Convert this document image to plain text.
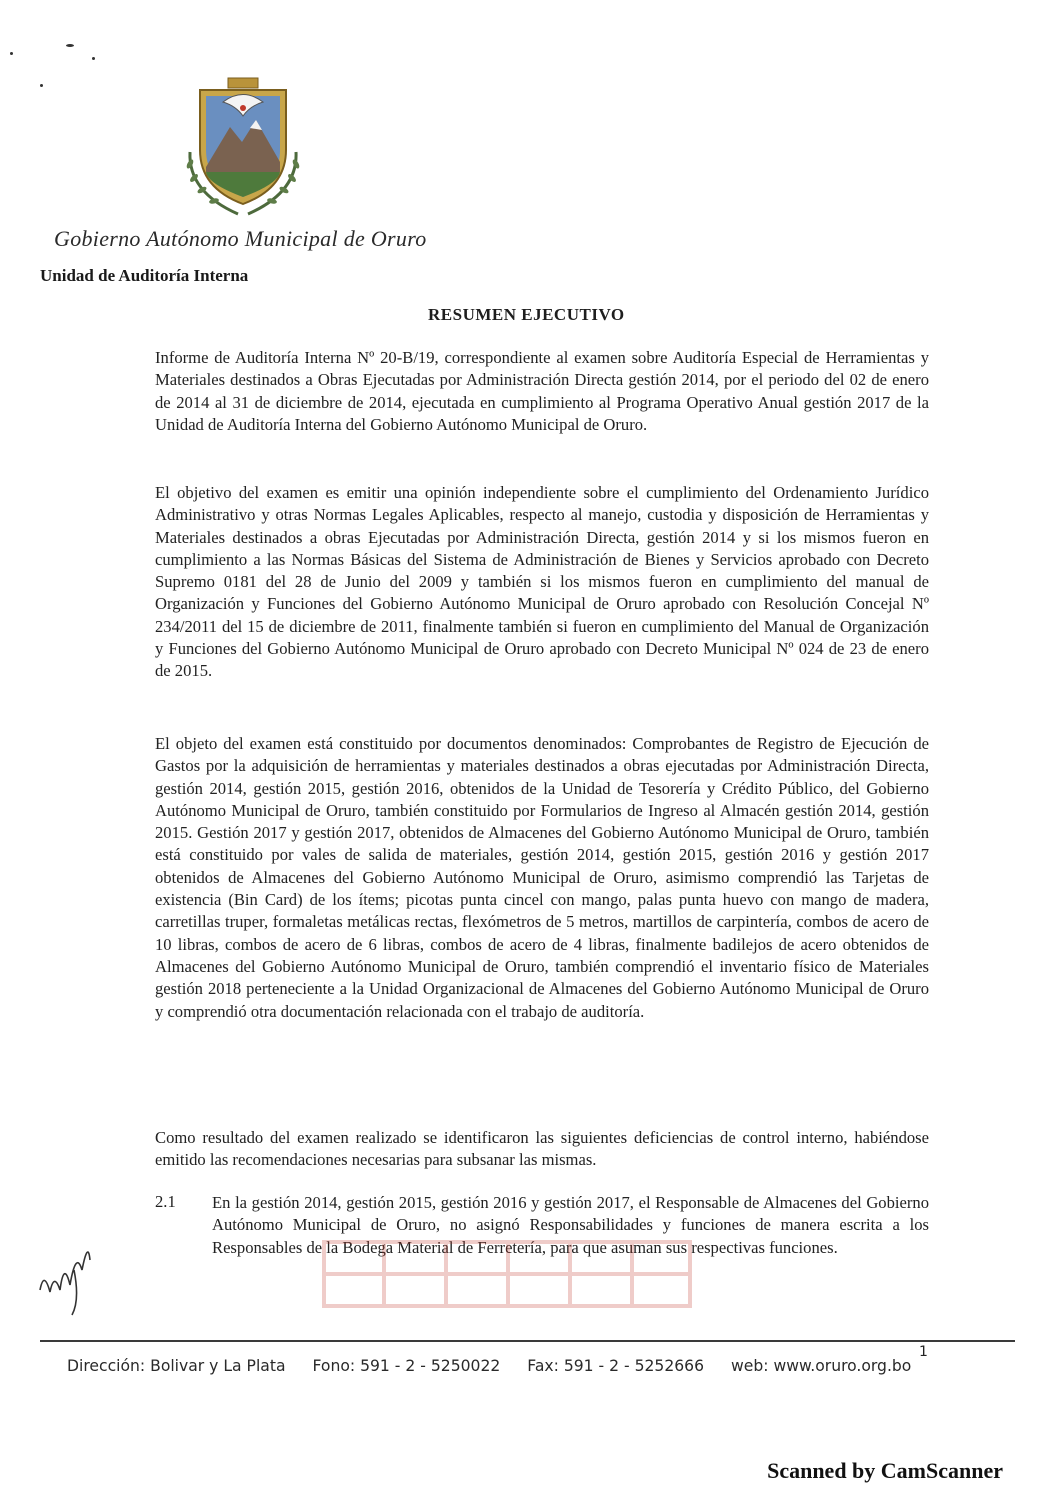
Gobierno Autónomo Municipal de Oruro
Unidad de Auditoría Interna
RESUMEN EJECUTIVO
Informe de Auditoría Interna Nº 20-B/19, correspondiente al examen sobre Auditoría Especial de Herramientas y Materiales destinados a Obras Ejecutadas por Administración Directa gestión 2014, por el periodo del 02 de enero de 2014 al 31 de diciembre de 2014, ejecutada en cumplimiento al Programa Operativo Anual gestión 2017 de la Unidad de Auditoría Interna del Gobierno Autónomo Municipal de Oruro.
El objetivo del examen es emitir una opinión independiente sobre el cumplimiento del Ordenamiento Jurídico Administrativo y otras Normas Legales Aplicables, respecto al manejo, custodia y disposición de Herramientas y Materiales destinados a obras Ejecutadas por Administración Directa, gestión 2014 y si los mismos fueron en cumplimiento a las Normas Básicas del Sistema de Administración de Bienes y Servicios aprobado con Decreto Supremo 0181 del 28 de Junio del 2009 y también si los mismos fueron en cumplimiento del manual de Organización y Funciones del Gobierno Autónomo Municipal de Oruro aprobado con Resolución Concejal Nº 234/2011 del 15 de diciembre de 2011, finalmente también si fueron en cumplimiento del Manual de Organización y Funciones del Gobierno Autónomo Municipal de Oruro aprobado con Decreto Municipal Nº 024 de 23 de enero de 2015.
El objeto del examen está constituido por documentos denominados: Comprobantes de Registro de Ejecución de Gastos por la adquisición de herramientas y materiales destinados a obras ejecutadas por Administración Directa, gestión 2014, gestión 2015, gestión 2016, obtenidos de la Unidad de Tesorería y Crédito Público, del Gobierno Autónomo Municipal de Oruro, también constituido por Formularios de Ingreso al Almacén gestión 2014, gestión 2015. Gestión 2017 y gestión 2017, obtenidos de Almacenes del Gobierno Autónomo Municipal de Oruro, también está constituido por vales de salida de materiales, gestión 2014, gestión 2015, gestión 2016 y gestión 2017 obtenidos de Almacenes del Gobierno Autónomo Municipal de Oruro, asimismo comprendió las Tarjetas de existencia (Bin Card) de los ítems; picotas punta cincel con mango, palas punta huevo con mango de madera, carretillas truper, formaletas metálicas rectas, flexómetros de 5 metros, martillos de carpintería, combos de acero de 10 libras, combos de acero de 6 libras, combos de acero de 4 libras, finalmente badilejos de acero obtenidos de Almacenes del Gobierno Autónomo Municipal de Oruro, también comprendió el inventario físico de Materiales gestión 2018 perteneciente a la Unidad Organizacional de Almacenes del Gobierno Autónomo Municipal de Oruro y comprendió otra documentación relacionada con el trabajo de auditoría.
Como resultado del examen realizado se identificaron las siguientes deficiencias de control interno, habiéndose emitido las recomendaciones necesarias para subsanar las mismas.
2.1 En la gestión 2014, gestión 2015, gestión 2016 y gestión 2017, el Responsable de Almacenes del Gobierno Autónomo Municipal de Oruro, no asignó Responsabilidades y funciones de manera escrita a los Responsables de la Bodega Material de Ferretería, para que asuman sus respectivas funciones.
1
Dirección: Bolivar y La Plata Fono: 591 - 2 - 5250022 Fax: 591 - 2 - 5252666 web: www.oruro.org.bo
Scanned by CamScanner
